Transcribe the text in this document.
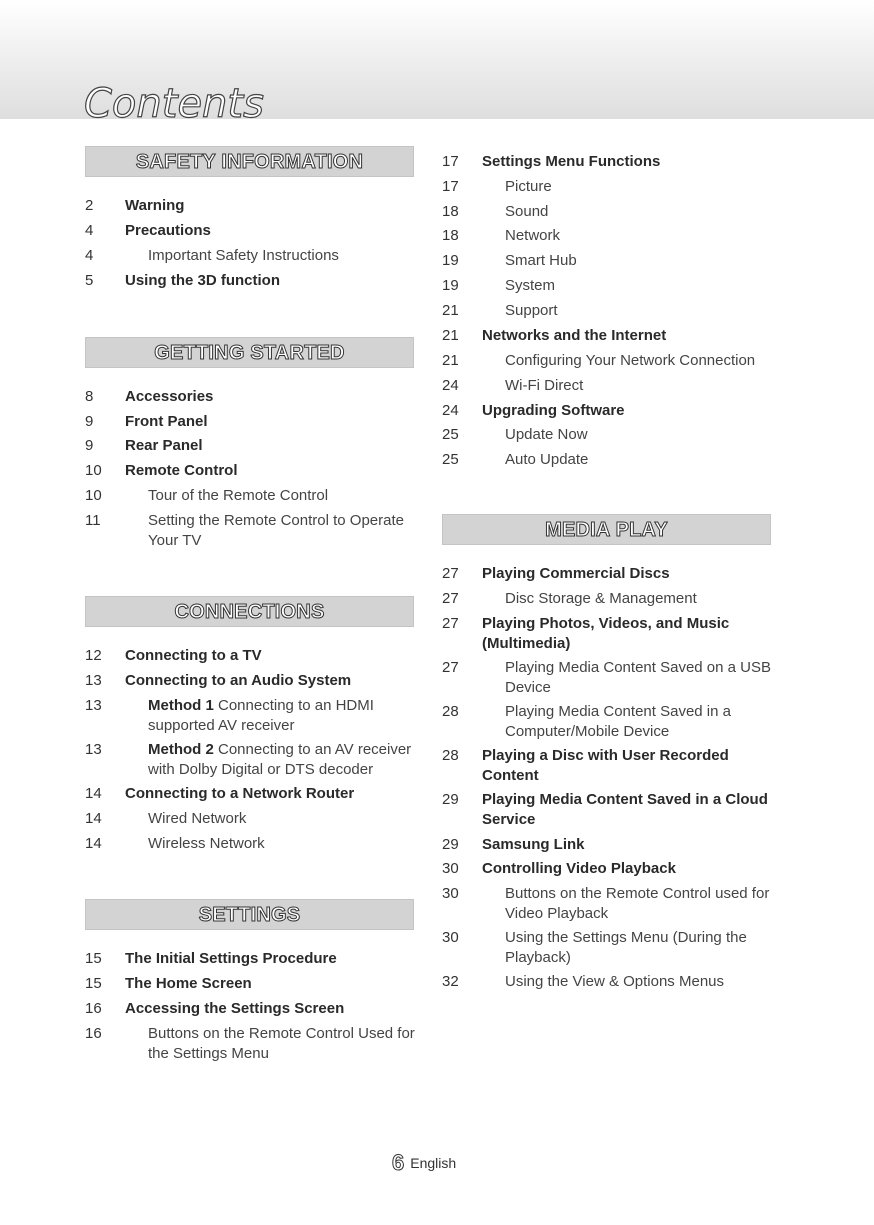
Contents
SAFETY INFORMATION
2	Warning
4	Precautions
4	Important Safety Instructions
5	Using the 3D function
GETTING STARTED
8	Accessories
9	Front Panel
9	Rear Panel
10	Remote Control
10	Tour of the Remote Control
11	Setting the Remote Control to Operate Your TV
CONNECTIONS
12	Connecting to a TV
13	Connecting to an Audio System
13	Method 1 Connecting to an HDMI supported AV receiver
13	Method 2 Connecting to an AV receiver with Dolby Digital or DTS decoder
14	Connecting to a Network Router
14	Wired Network
14	Wireless Network
SETTINGS
15	The Initial Settings Procedure
15	The Home Screen
16	Accessing the Settings Screen
16	Buttons on the Remote Control Used for the Settings Menu
17	Settings Menu Functions
17	Picture
18	Sound
18	Network
19	Smart Hub
19	System
21	Support
21	Networks and the Internet
21	Configuring Your Network Connection
24	Wi-Fi Direct
24	Upgrading Software
25	Update Now
25	Auto Update
MEDIA PLAY
27	Playing Commercial Discs
27	Disc Storage & Management
27	Playing Photos, Videos, and Music (Multimedia)
27	Playing Media Content Saved on a USB Device
28	Playing Media Content Saved in a Computer/Mobile Device
28	Playing a Disc with User Recorded Content
29	Playing Media Content Saved in a Cloud Service
29	Samsung Link
30	Controlling Video Playback
30	Buttons on the Remote Control used for Video Playback
30	Using the Settings Menu (During the Playback)
32	Using the View & Options Menus
6 English
